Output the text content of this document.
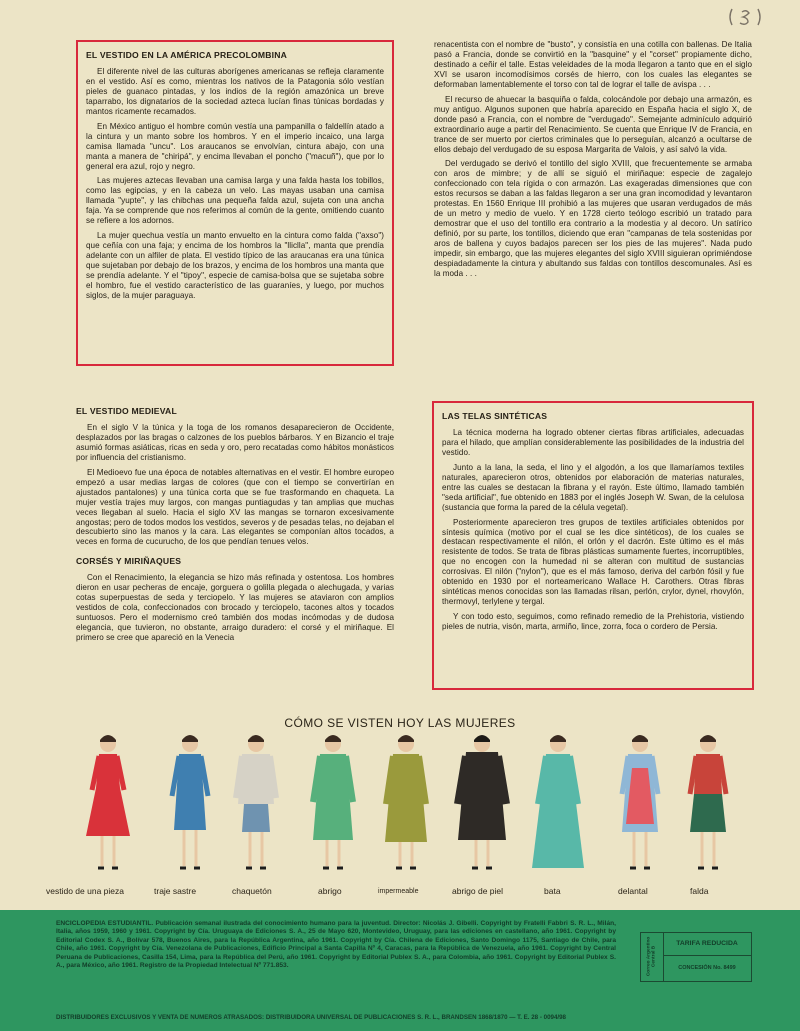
EL VESTIDO EN LA AMÉRICA PRECOLOMBINA

El diferente nivel de las culturas aborígenes americanas se refleja claramente en el vestido. Así es como, mientras los nativos de la Patagonia sólo vestían pieles de guanaco pintadas, y los indios de la región amazónica un breve taparrabo, los dignatarios de la sociedad azteca lucían finas túnicas bordadas y mantos ricamente recamados.

En México antiguo el hombre común vestía una pampanilla o faldellín atado a la cintura y un manto sobre los hombros. Y en el imperio incaico, una larga camisa llamada "uncu". Los araucanos se envolvían, cintura abajo, con una manta a manera de "chiripá", y encima llevaban el poncho ("macuñ"), que por lo general era azul, rojo y negro.

Las mujeres aztecas llevaban una camisa larga y una falda hasta los tobillos, como las egipcias, y en la cabeza un velo. Las mayas usaban una camisa llamada "yupte", y las chibchas una pequeña falda azul, sujeta con una ancha faja. Ya se comprende que nos referimos al común de la gente, omitiendo cuanto se refiere a los adornos.

La mujer quechua vestía un manto envuelto en la cintura como falda ("axso") que ceñía con una faja; y encima de los hombros la "lliclla", manta que prendía adelante con un alfiler de plata. El vestido típico de las araucanas era una túnica que sujetaban por debajo de los brazos, y encima de los hombros una manta que se prendía adelante. Y el "tipoy", especie de camisa-bolsa que se sujetaba sobre el hombro, fue el vestido característico de las guaraníes, y luego, por muchos siglos, de la mujer paraguaya.

renacentista con el nombre de "busto", y consistía en una cotilla con ballenas. De Italia pasó a Francia, donde se convirtió en la "basquine" y el "corset" propiamente dicho, destinado a ceñir el talle. Estas veleidades de la moda llegaron a tanto que en el siglo XVI se usaron incomodísimos corsés de hierro, con los cuales las elegantes se deformaban lamentablemente el torso con tal de lograr el talle de avispa . . .

El recurso de ahuecar la basquiña o falda, colocándole por debajo una armazón, es muy antiguo. Algunos suponen que habría aparecido en España hacia el siglo X, de donde pasó a Francia, con el nombre de "verdugado". Semejante adminículo adquirió extraordinario auge a partir del Renacimiento. Se cuenta que Enrique IV de Francia, en trance de ser muerto por ciertos criminales que lo perseguían, alcanzó a ocultarse de ellos debajo del verdugado de su esposa Margarita de Valois, y así salvó la vida.

Del verdugado se derivó el tontillo del siglo XVIII, que frecuentemente se armaba con aros de mimbre; y de allí se siguió el miriñaque: especie de zagalejo confeccionado con tela rígida o con armazón. Las exageradas dimensiones que con estos recursos se daban a las faldas llegaron a ser una gran incomodidad y levantaron protestas. En 1560 Enrique III prohibió a las mujeres que usaran verdugados de más de un metro y medio de vuelo. Y en 1728 cierto teólogo escribió un tratado para demostrar que el uso del tontillo era contrario a la modestia y al decoro. Un satírico definió, por su parte, los tontillos, diciendo que eran "campanas de tela sostenidas por aros de ballena y cuyos badajos parecen ser los pies de las mujeres". Nada pudo impedir, sin embargo, que las mujeres elegantes del siglo XVIII siguieran oprimiéndose despiadadamente la cintura y abultando sus faldas con tontillos descomunales. Así es la moda . . .

EL VESTIDO MEDIEVAL

En el siglo V la túnica y la toga de los romanos desaparecieron de Occidente, desplazados por las bragas o calzones de los pueblos bárbaros. Y en Bizancio el traje asumió formas asiáticas, ricas en seda y oro, pero recatadas como hábitos monásticos por influencia del cristianismo.

El Medioevo fue una época de notables alternativas en el vestir. El hombre europeo empezó a usar medias largas de colores (que con el tiempo se convertirían en ajustados pantalones) y una túnica corta que se fue trasformando en chaqueta. La mujer vestía trajes muy largos, con mangas puntiagudas y tan amplias que muchas veces llegaban al suelo. Hacia el siglo XV las mangas se tornaron excesivamente angostas; pero de todos modos los vestidos, severos y de pesadas telas, no dejaban el descubierto sino las manos y la cara. Las elegantes se componían altos tocados, a veces en forma de cucurucho, de los que pendían tenues velos.

CORSÉS Y MIRIÑAQUES

Con el Renacimiento, la elegancia se hizo más refinada y ostentosa. Los hombres dieron en usar pecheras de encaje, gorguera o golilla plegada o alechugada, y varias cotas superpuestas de seda y terciopelo. Y las mujeres se ataviaron con amplios vestidos de cola, confeccionados con brocado y terciopelo, tacones altos y tocados suntuosos. Pero el modernismo creó también dos modas incómodas y de dudosa elegancia, que tuvieron, no obstante, arraigo duradero: el corsé y el miriñaque. El primero se cree que apareció en la Venecia

LAS TELAS SINTÉTICAS

La técnica moderna ha logrado obtener ciertas fibras artificiales, adecuadas para el hilado, que amplían considerablemente las posibilidades de la industria del vestido.

Junto a la lana, la seda, el lino y el algodón, a los que llamaríamos textiles naturales, aparecieron otros, obtenidos por elaboración de materias naturales, entre las cuales se destacan la fibrana y el rayón. Este último, llamado también "seda artificial", fue obtenido en 1883 por el inglés Joseph W. Swan, de la celulosa (sustancia que forma la pared de la célula vegetal).

Posteriormente aparecieron tres grupos de textiles artificiales obtenidos por síntesis química (motivo por el cual se les dice sintéticos), de los cuales se destacan respectivamente el nilón, el orlón y el dacrón. Este último es el más resistente de todos. Se trata de fibras plásticas sumamente fuertes, incorruptibles, que no encogen con la humedad ni se alteran con multitud de sustancias corrosivas. El nilón ("nylon"), que es el más famoso, deriva del carbón fósil y fue obtenido en 1930 por el norteamericano Wallace H. Carothers. Otras fibras sintéticas menos conocidas son las llamadas rilsan, perlón, crylor, dynel, rhovylón, thermovyl, terlylene y tergal.

Y con todo esto, seguimos, como refinado remedio de la Prehistoria, vistiendo pieles de nutria, visón, marta, armiño, lince, zorra, foca o cordero de Persia.

CÓMO SE VISTEN HOY LAS MUJERES
vestido de una pieza	traje sastre	chaquetón	abrigo	impermeable	abrigo de piel	bata	delantal	falda
ENCICLOPEDIA ESTUDIANTIL. Publicación semanal ilustrada del conocimiento humano para la juventud. Director: Nicolás J. Gibelli. Copyright by Fratelli Fabbri S. R. L., Milán, Italia, años 1959, 1960 y 1961. Copyright by Cía. Uruguaya de Ediciones S. A., 25 de Mayo 620, Montevideo, Uruguay, para las ediciones en castellano, año 1961. Copyright by Editorial Codex S. A., Bolívar 578, Buenos Aires, para la República Argentina, año 1961. Copyright by Cía. Chilena de Ediciones, Santo Domingo 1175, Santiago de Chile, para Chile, año 1961. Copyright by Cía. Venezolana de Publicaciones, Edificio Principal a Santa Capilla Nº 4, Caracas, para la República de Venezuela, año 1961. Copyright by Central Peruana de Publicaciones, Casilla 154, Lima, para la República del Perú, año 1961. Copyright by Editorial Publex S. A., para Colombia, año 1961. Copyright by Editorial Publex S. A., para México, año 1961. Registro de la Propiedad Intelectual Nº 771.853.	Correo Argentino Central B
TARIFA REDUCIDA
CONCESIÓN No. 8499
DISTRIBUIDORES EXCLUSIVOS Y VENTA DE NUMEROS ATRASADOS: DISTRIBUIDORA UNIVERSAL DE PUBLICACIONES S. R. L., BRANDSEN 1868/1870 — T. E. 28 - 0094/98
